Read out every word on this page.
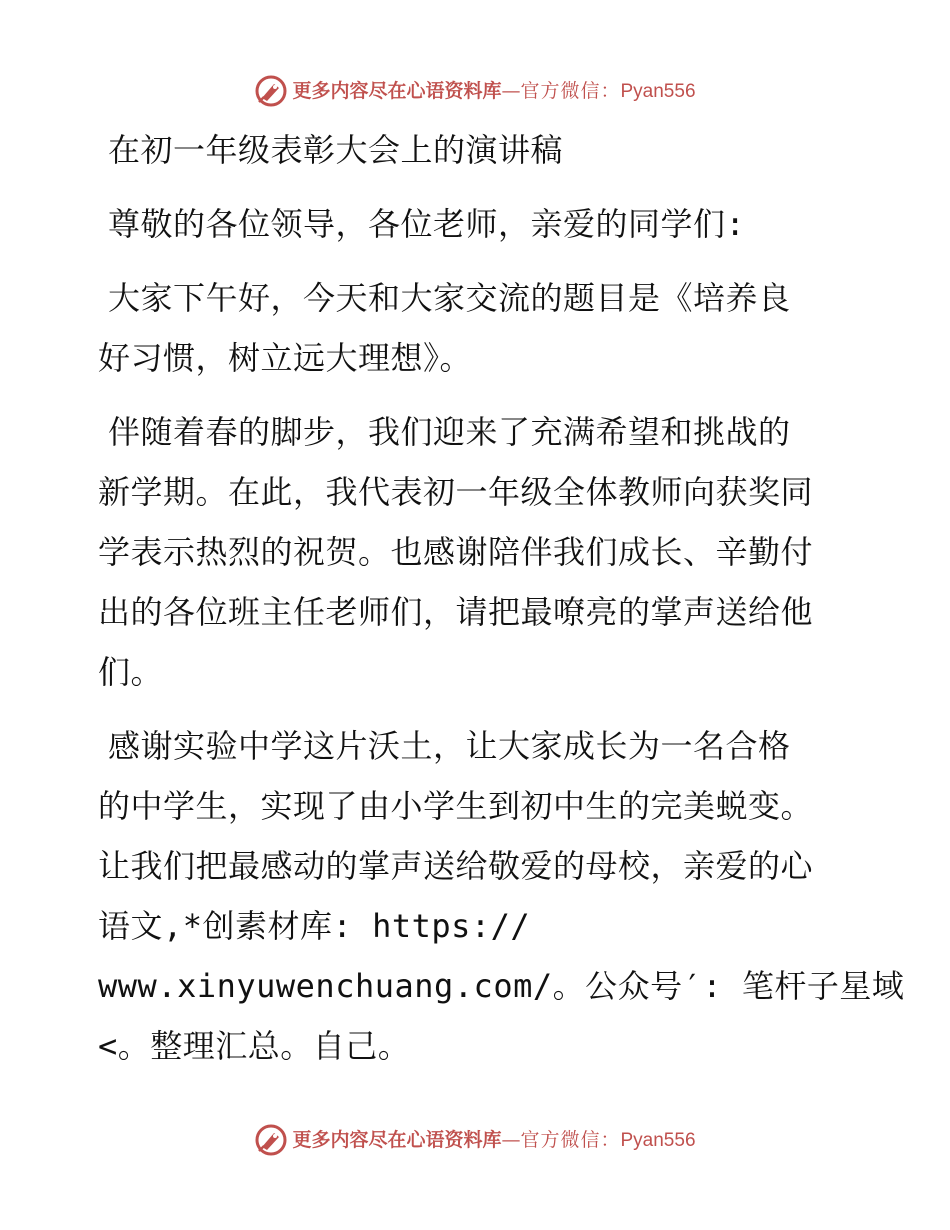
更多内容尽在心语资料库 — 官方微信： Pyan556
在初一年级表彰大会上的演讲稿
尊敬的各位领导，各位老师，亲爱的同学们:
大家下午好，今天和大家交流的题目是《培养良
好习惯，树立远大理想》。
伴随着春的脚步，我们迎来了充满希望和挑战的
新学期。在此，我代表初一年级全体教师向获奖同
学表示热烈的祝贺。也感谢陪伴我们成长、辛勤付
出的各位班主任老师们，请把最嘹亮的掌声送给他
们。
感谢实验中学这片沃土，让大家成长为一名合格
的中学生，实现了由小学生到初中生的完美蜕变。
让我们把最感动的掌声送给敬爱的母校，亲爱的心
语文,*创素材库: https://
www.xinyuwenchuang.com/。公众号′: 笔杆子星域
<。整理汇总。自己。
更多内容尽在心语资料库 — 官方微信： Pyan556
